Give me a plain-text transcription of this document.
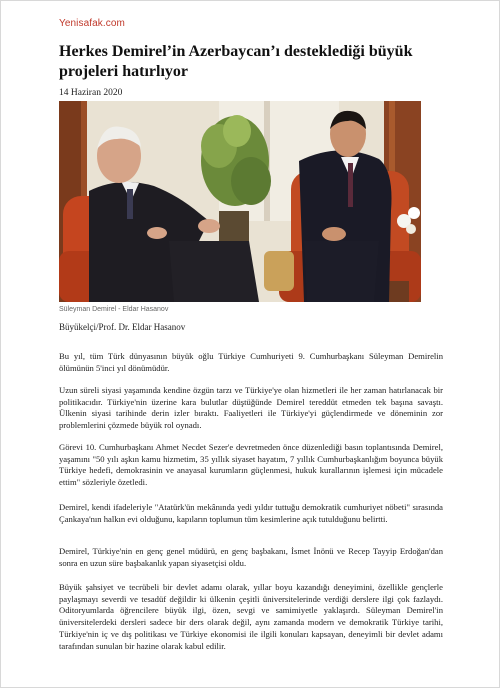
Yenisafak.com
Herkes Demirel’in Azerbaycan’ı desteklediği büyük projeleri hatırlıyor
14 Haziran 2020
Süleyman Demirel - Eldar Hasanov
Büyükelçi/Prof. Dr. Eldar Hasanov

Bu yıl, tüm Türk dünyasının büyük oğlu Türkiye Cumhuriyeti 9. Cumhurbaşkanı Süleyman Demirelin ölümünün 5'inci yıl dönümüdür.

Uzun süreli siyasi yaşamında kendine özgün tarzı ve Türkiye'ye olan hizmetleri ile her zaman hatırlanacak bir politikacıdır. Türkiye'nin üzerine kara bulutlar düştüğünde Demirel tereddüt etmeden tek başına savaştı. Ülkenin siyasi tarihinde derin izler bıraktı. Faaliyetleri ile Türkiye'yi güçlendirmede ve döneminin zor problemlerini çözmede büyük rol oynadı.

Görevi 10. Cumhurbaşkanı Ahmet Necdet Sezer'e devretmeden önce düzenlediği basın toplantısında Demirel, yaşamını "50 yılı aşkın kamu hizmetim, 35 yıllık siyaset hayatım, 7 yıllık Cumhurbaşkanlığım boyunca büyük Türkiye hedefi, demokrasinin ve anayasal kurumların güçlenmesi, hukuk kurallarının işlemesi için mücadele ettim" sözleriyle özetledi.

Demirel, kendi ifadeleriyle "Atatürk'ün mekânında yedi yıldır tuttuğu demokratik cumhuriyet nöbeti" sırasında Çankaya'nın halkın evi olduğunu, kapıların toplumun tüm kesimlerine açık tutulduğunu belirtti.

Demirel, Türkiye'nin en genç genel müdürü, en genç başbakanı, İsmet İnönü ve Recep Tayyip Erdoğan'dan sonra en uzun süre başbakanlık yapan siyasetçisi oldu.

Büyük şahsiyet ve tecrübeli bir devlet adamı olarak, yıllar boyu kazandığı deneyimini, özellikle gençlerle paylaşmayı severdi ve tesadüf değildir ki ülkenin çeşitli üniversitelerinde verdiği derslere ilgi çok fazlaydı. Oditoryumlarda öğrencilere büyük ilgi, özen, sevgi ve samimiyetle yaklaşırdı. Süleyman Demirel'in üniversitelerdeki dersleri sadece bir ders olarak değil, aynı zamanda modern ve demokratik Türkiye tarihi, Türkiye'nin iç ve dış politikası ve Türkiye ekonomisi ile ilgili konuları kapsayan, deneyimli bir devlet adamı tarafından sunulan bir hazine olarak kabul edilir.
